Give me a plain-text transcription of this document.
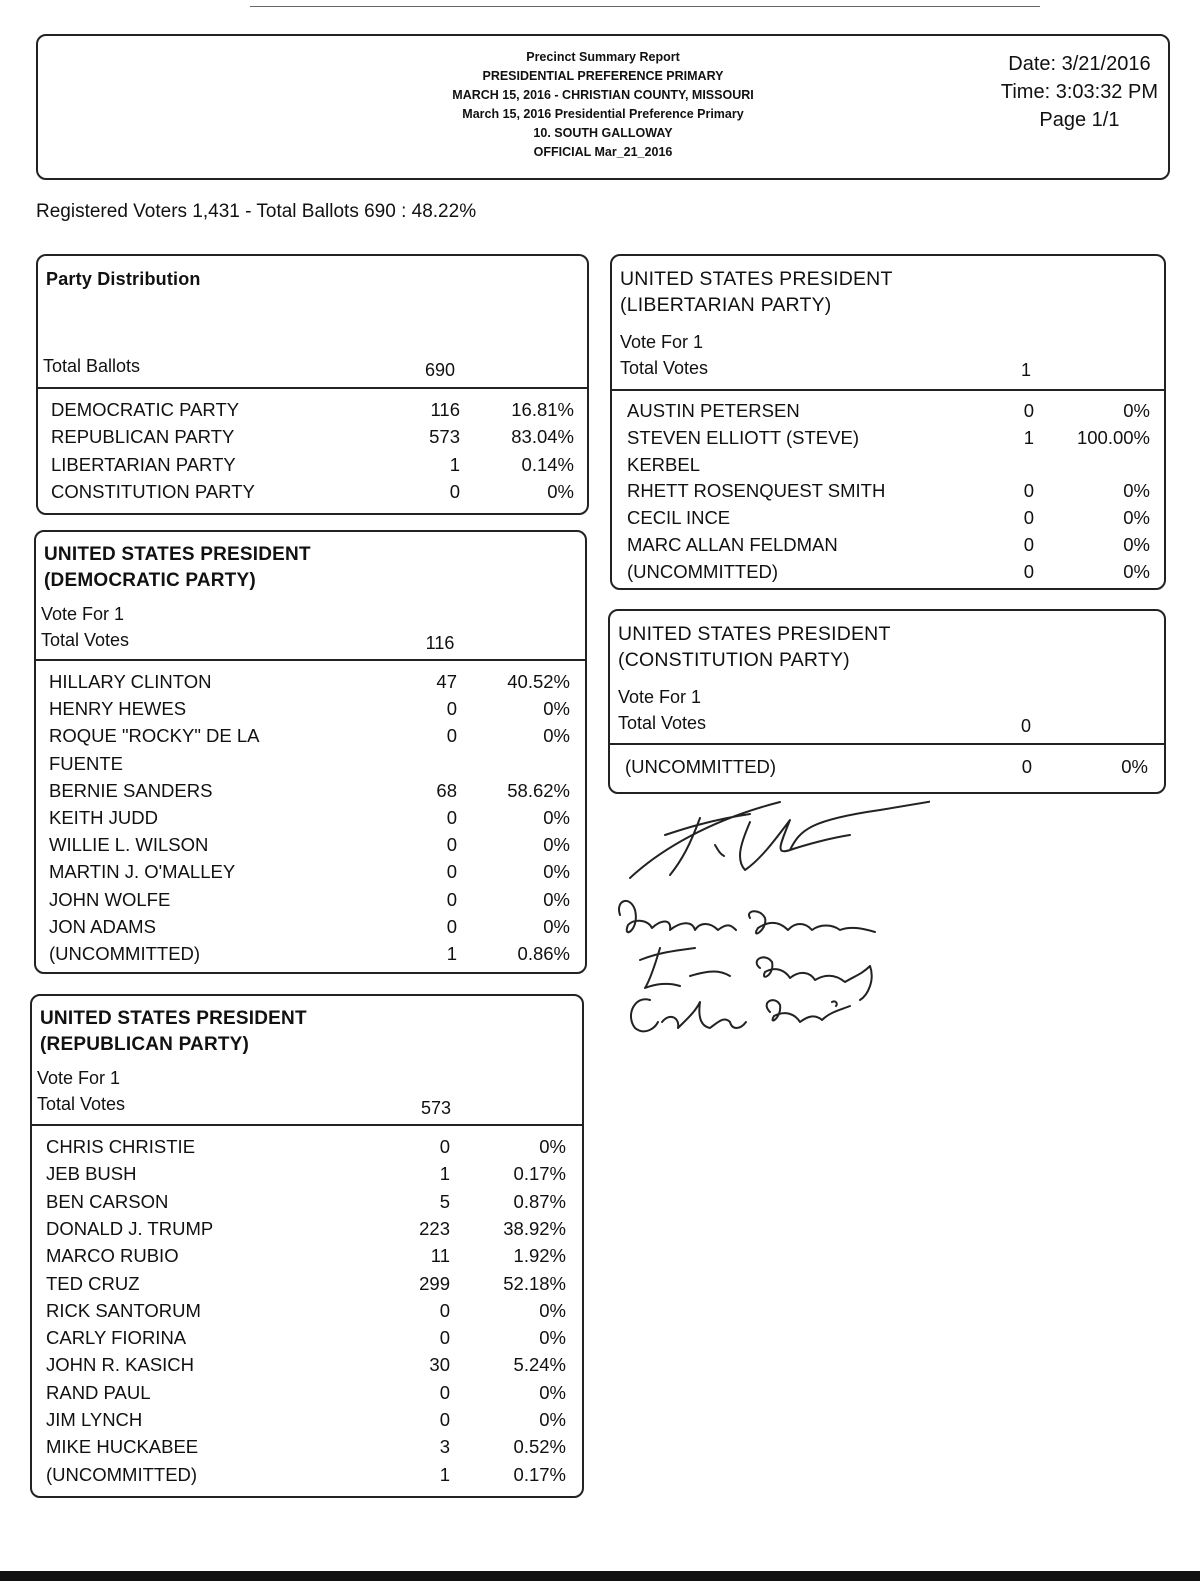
Precinct Summary Report
PRESIDENTIAL PREFERENCE PRIMARY
MARCH 15, 2016 - CHRISTIAN COUNTY, MISSOURI
March 15, 2016 Presidential Preference Primary
10. SOUTH GALLOWAY
OFFICIAL Mar_21_2016
Date: 3/21/2016
Time: 3:03:32 PM
Page 1/1
Registered Voters 1,431 - Total Ballots 690 : 48.22%
Party Distribution
Total Ballots	690
DEMOCRATIC PARTY	116	16.81%
REPUBLICAN PARTY	573	83.04%
LIBERTARIAN PARTY	1	0.14%
CONSTITUTION PARTY	0	0%
UNITED STATES PRESIDENT
(DEMOCRATIC PARTY)
Vote For 1
Total Votes	116
HILLARY CLINTON	47	40.52%
HENRY HEWES	0	0%
ROQUE "ROCKY" DE LA	0	0%
FUENTE
BERNIE SANDERS	68	58.62%
KEITH JUDD	0	0%
WILLIE L. WILSON	0	0%
MARTIN J. O'MALLEY	0	0%
JOHN WOLFE	0	0%
JON ADAMS	0	0%
(UNCOMMITTED)	1	0.86%
UNITED STATES PRESIDENT
(REPUBLICAN PARTY)
Vote For 1
Total Votes	573
CHRIS CHRISTIE	0	0%
JEB BUSH	1	0.17%
BEN CARSON	5	0.87%
DONALD J. TRUMP	223	38.92%
MARCO RUBIO	11	1.92%
TED CRUZ	299	52.18%
RICK SANTORUM	0	0%
CARLY FIORINA	0	0%
JOHN R. KASICH	30	5.24%
RAND PAUL	0	0%
JIM LYNCH	0	0%
MIKE HUCKABEE	3	0.52%
(UNCOMMITTED)	1	0.17%
UNITED STATES PRESIDENT
(LIBERTARIAN PARTY)
Vote For 1
Total Votes	1
AUSTIN PETERSEN	0	0%
STEVEN ELLIOTT (STEVE)	1	100.00%
KERBEL
RHETT ROSENQUEST SMITH	0	0%
CECIL INCE	0	0%
MARC ALLAN FELDMAN	0	0%
(UNCOMMITTED)	0	0%
UNITED STATES PRESIDENT
(CONSTITUTION PARTY)
Vote For 1
Total Votes	0
(UNCOMMITTED)	0	0%
